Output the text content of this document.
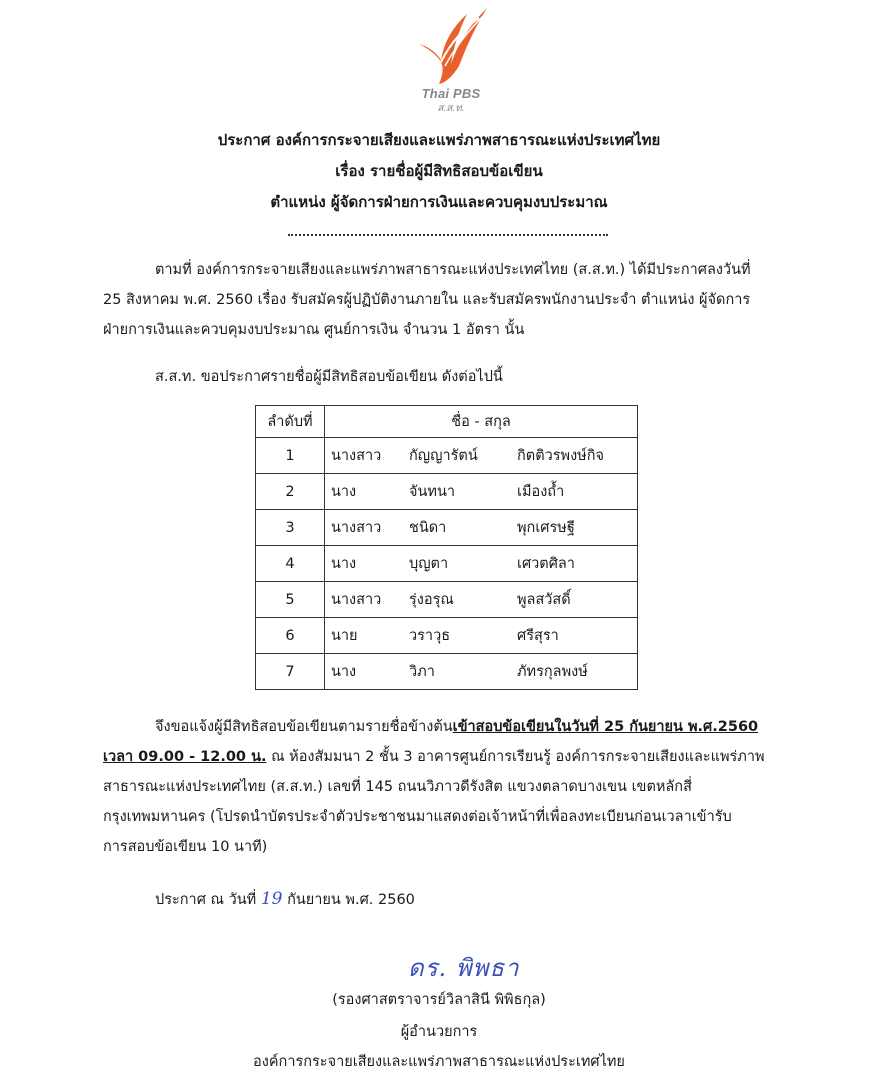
Thai PBS
ส.ส.ท.
ประกาศ องค์การกระจายเสียงและแพร่ภาพสาธารณะแห่งประเทศไทย
เรื่อง รายชื่อผู้มีสิทธิสอบข้อเขียน
ตำแหน่ง ผู้จัดการฝ่ายการเงินและควบคุมงบประมาณ
ตามที่ องค์การกระจายเสียงและแพร่ภาพสาธารณะแห่งประเทศไทย (ส.ส.ท.) ได้มีประกาศลงวันที่
25 สิงหาคม พ.ศ. 2560 เรื่อง รับสมัครผู้ปฏิบัติงานภายใน และรับสมัครพนักงานประจำ ตำแหน่ง ผู้จัดการ
ฝ่ายการเงินและควบคุมงบประมาณ ศูนย์การเงิน จำนวน 1 อัตรา นั้น
ส.ส.ท. ขอประกาศรายชื่อผู้มีสิทธิสอบข้อเขียน ดังต่อไปนี้
ลำดับที่	ชื่อ - สกุล		
1	นางสาว	กัญญารัตน์	กิตติวรพงษ์กิจ
2	นาง	จันทนา	เมืองถ้ำ
3	นางสาว	ชนิดา	พุกเศรษฐี
4	นาง	บุญตา	เศวตศิลา
5	นางสาว	รุ่งอรุณ	พูลสวัสดิ์
6	นาย	วราวุธ	ศรีสุรา
7	นาง	วิภา	ภัทรกุลพงษ์
จึงขอแจ้งผู้มีสิทธิสอบข้อเขียนตามรายชื่อข้างต้นเข้าสอบข้อเขียนในวันที่ 25 กันยายน พ.ศ.2560
เวลา 09.00 - 12.00 น. ณ ห้องสัมมนา 2 ชั้น 3 อาคารศูนย์การเรียนรู้ องค์การกระจายเสียงและแพร่ภาพ
สาธารณะแห่งประเทศไทย (ส.ส.ท.) เลขที่ 145 ถนนวิภาวดีรังสิต แขวงตลาดบางเขน เขตหลักสี่
กรุงเทพมหานคร (โปรดนำบัตรประจำตัวประชาชนมาแสดงต่อเจ้าหน้าที่เพื่อลงทะเบียนก่อนเวลาเข้ารับ
การสอบข้อเขียน 10 นาที)
ประกาศ ณ วันที่ 19 กันยายน พ.ศ. 2560
ดร. พิพธา
(รองศาสตราจารย์วิลาสินี พิพิธกุล)
ผู้อำนวยการ
องค์การกระจายเสียงและแพร่ภาพสาธารณะแห่งประเทศไทย
